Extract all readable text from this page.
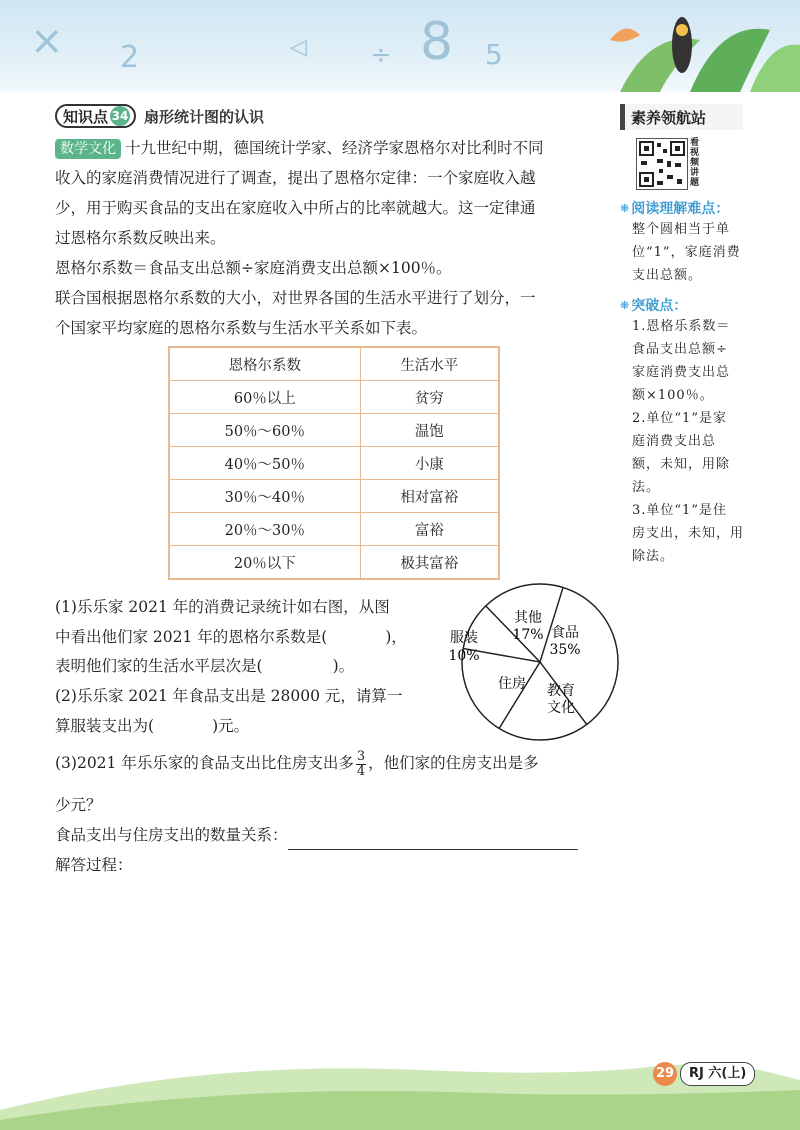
× 2	◁ ÷ 8 5
知识点 34 扇形统计图的认识

数学文化 十九世纪中期，德国统计学家、经济学家恩格尔对比利时不同

收入的家庭消费情况进行了调查，提出了恩格尔定律：一个家庭收入越

少，用于购买食品的支出在家庭收入中所占的比率就越大。这一定律通

过恩格尔系数反映出来。

恩格尔系数＝食品支出总额÷家庭消费支出总额×100％。

联合国根据恩格尔系数的大小，对世界各国的生活水平进行了划分，一

个国家平均家庭的恩格尔系数与生活水平关系如下表。

恩格尔系数	生活水平
60％以上	贫穷
50％～60％	温饱
40％～50％	小康
30％～40％	相对富裕
20％～30％	富裕
20％以下	极其富裕
(1)乐乐家 2021 年的消费记录统计如右图，从图
中看出他们家 2021 年的恩格尔系数是(	)，
表明他们家的生活水平层次是(	)。
(2)乐乐家 2021 年食品支出是 28000 元，请算一
算服装支出为(	)元。
(3)2021 年乐乐家的食品支出比住房支出多 $\frac{3}{4}$ ，他们家的住房支出是多
少元？
食品支出与住房支出的数量关系：
解答过程：
食品
35%
其他
17%
服装
10%
住房 教育
文化
素养领航站
看视频讲题
❋ 阅读理解难点：
整个圆相当于单
位“1”，家庭消费
支出总额。
❋ 突破点：
1.恩格乐系数＝
食品支出总额÷
家庭消费支出总
额×100％。
2.单位“1”是家
庭消费支出总
额，未知，用除
法。
3.单位“1”是住
房支出，未知，用
除法。
29	RJ 六(上)
